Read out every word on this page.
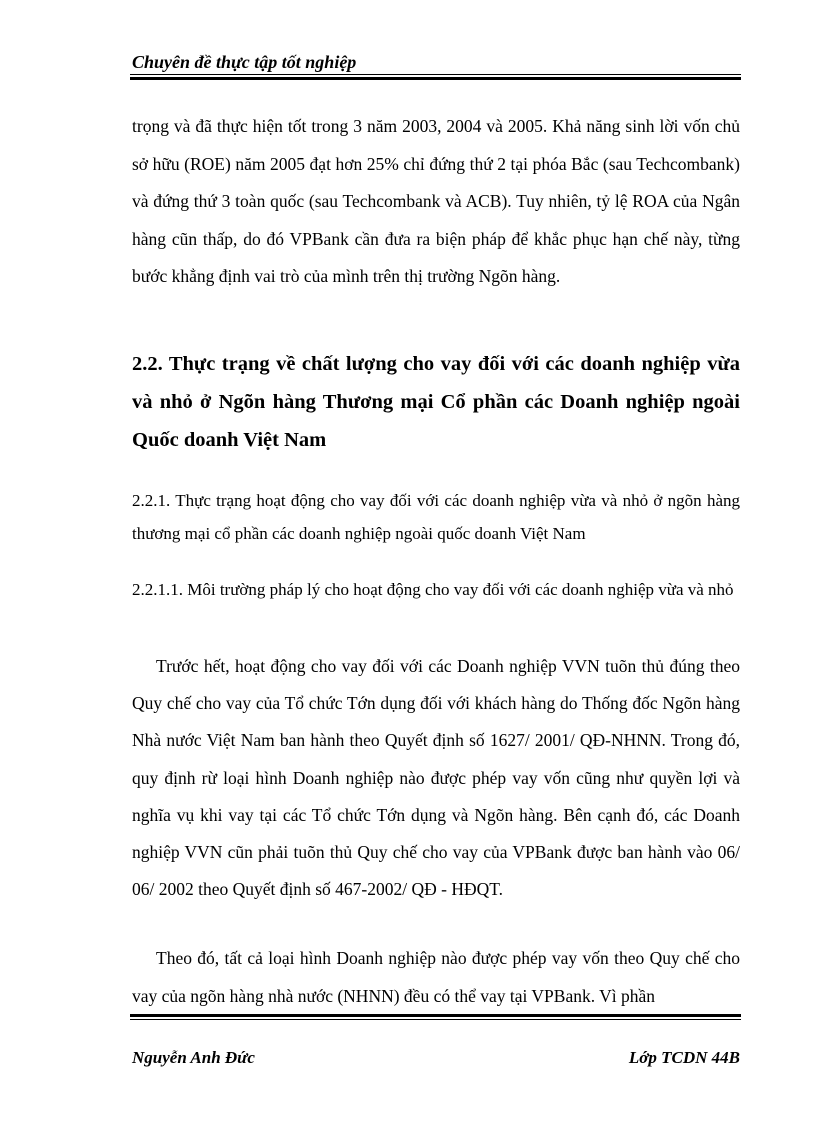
Chuyên đề thực tập tốt nghiệp
trọng và đã thực hiện tốt trong 3 năm 2003, 2004 và 2005. Khả năng sinh lời vốn chủ sở hữu (ROE) năm 2005 đạt hơn 25% chỉ đứng thứ 2 tại phóa Bắc (sau Techcombank) và đứng thứ 3 toàn quốc (sau Techcombank và ACB). Tuy nhiên, tỷ lệ ROA của Ngân hàng cũn thấp, do đó VPBank cần đưa ra biện pháp để khắc phục hạn chế này, từng bước khẳng định vai trò của mình trên thị trường Ngõn hàng.
2.2. Thực trạng về chất lượng cho vay đối với các doanh nghiệp vừa và nhỏ ở Ngõn hàng Thương mại Cổ phần các Doanh nghiệp ngoài Quốc doanh Việt Nam
2.2.1. Thực trạng hoạt động cho vay đối với các doanh nghiệp vừa và nhỏ ở ngõn hàng thương mại cổ phần các doanh nghiệp ngoài quốc doanh Việt Nam
2.2.1.1. Môi trường pháp lý cho hoạt động cho vay đối với các doanh nghiệp vừa và nhỏ
Trước hết, hoạt động cho vay đối với các Doanh nghiệp VVN tuõn thủ đúng theo Quy chế cho vay của Tổ chức Tớn dụng đối với khách hàng do Thống đốc Ngõn hàng Nhà nước Việt Nam ban hành theo Quyết định số 1627/ 2001/ QĐ-NHNN. Trong đó, quy định rừ loại hình Doanh nghiệp nào được phép vay vốn cũng như quyền lợi và nghĩa vụ khi vay tại các Tổ chức Tớn dụng và Ngõn hàng. Bên cạnh đó, các Doanh nghiệp VVN cũn phải tuõn thủ Quy chế cho vay của VPBank được ban hành vào 06/ 06/ 2002 theo Quyết định số 467-2002/ QĐ - HĐQT.
Theo đó, tất cả loại hình Doanh nghiệp nào được phép vay vốn theo Quy chế cho vay của ngõn hàng nhà nước (NHNN) đều có thể vay tại VPBank. Vì phần
Nguyễn Anh Đức	Lớp TCDN 44B
